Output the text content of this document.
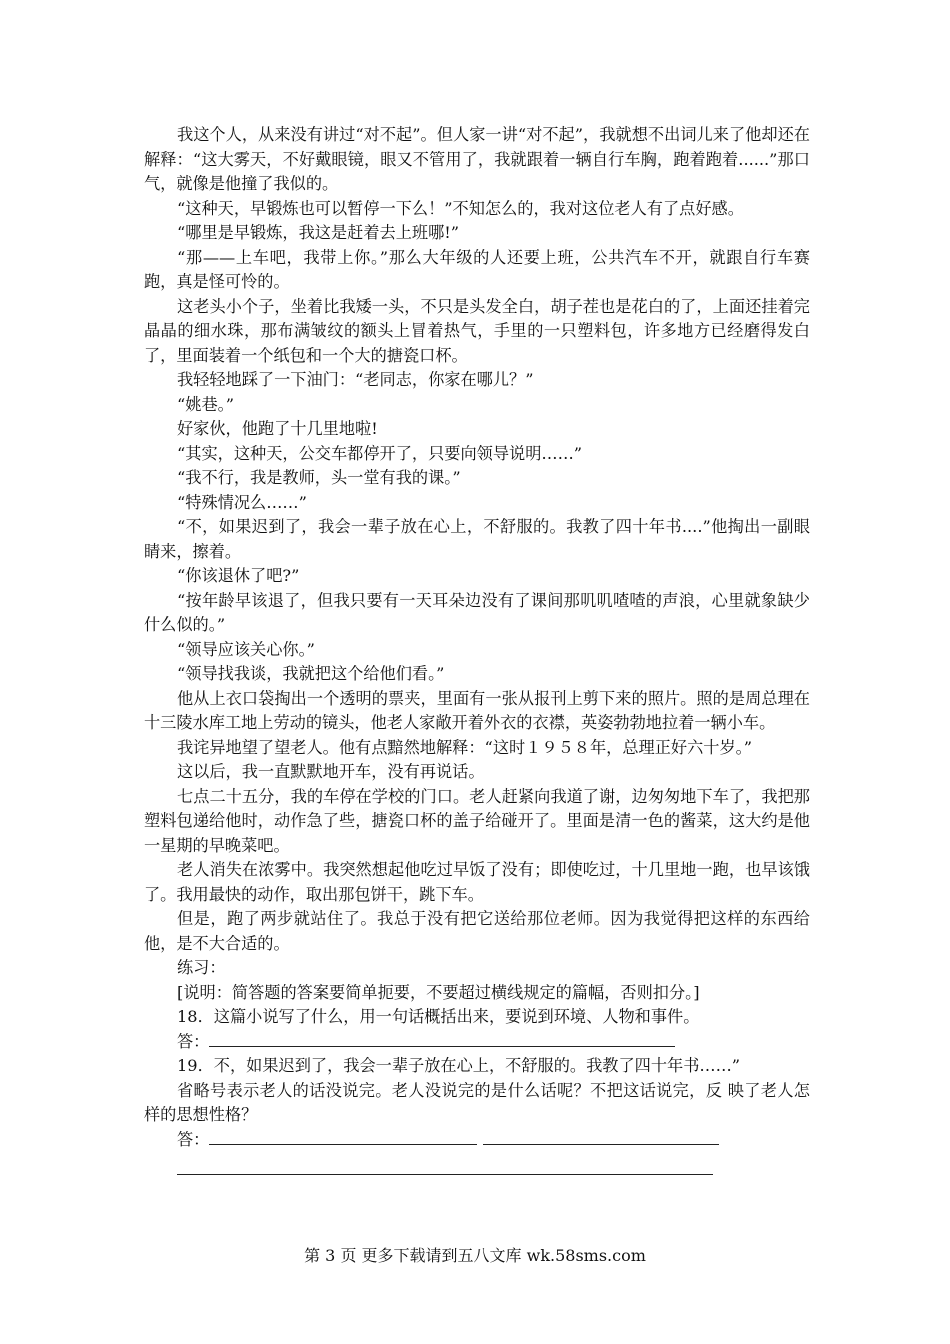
我这个人，从来没有讲过“对不起”。但人家一讲“对不起”，我就想不出词儿来了他却还在解释：“这大雾天，不好戴眼镜，眼又不管用了，我就跟着一辆自行车胸，跑着跑着......”那口气，就像是他撞了我似的。

“这种天，早锻炼也可以暂停一下么！”不知怎么的，我对这位老人有了点好感。

“哪里是早锻炼，我这是赶着去上班哪!”

“那——上车吧，我带上你。”那么大年级的人还要上班，公共汽车不开，就跟自行车赛跑，真是怪可怜的。

这老头小个子，坐着比我矮一头，不只是头发全白，胡子茬也是花白的了，上面还挂着完晶晶的细水珠，那布满皱纹的额头上冒着热气，手里的一只塑料包，许多地方已经磨得发白了，里面装着一个纸包和一个大的搪瓷口杯。

我轻轻地踩了一下油门：“老同志，你家在哪儿？”

“姚巷。”

好家伙，他跑了十几里地啦!

“其实，这种天，公交车都停开了，只要向领导说明……”

“我不行，我是教师，头一堂有我的课。”

“特殊情况么……”

“不，如果迟到了，我会一辈子放在心上，不舒服的。我教了四十年书....”他掏出一副眼睛来，擦着。

“你该退休了吧?”

“按年龄早该退了，但我只要有一天耳朵边没有了课间那叽叽喳喳的声浪，心里就象缺少什么似的。”

“领导应该关心你。”

“领导找我谈，我就把这个给他们看。”

他从上衣口袋掏出一个透明的票夹，里面有一张从报刊上剪下来的照片。照的是周总理在十三陵水库工地上劳动的镜头，他老人家敞开着外衣的衣襟，英姿勃勃地拉着一辆小车。

我诧异地望了望老人。他有点黯然地解释：“这时１９５８年，总理正好六十岁。”

这以后，我一直默默地开车，没有再说话。

七点二十五分，我的车停在学校的门口。老人赶紧向我道了谢，边匆匆地下车了，我把那塑料包递给他时，动作急了些，搪瓷口杯的盖子给碰开了。里面是清一色的酱菜，这大约是他一星期的早晚菜吧。

老人消失在浓雾中。我突然想起他吃过早饭了没有；即使吃过，十几里地一跑，也早该饿了。我用最快的动作，取出那包饼干，跳下车。

但是，跑了两步就站住了。我总于没有把它送给那位老师。因为我觉得把这样的东西给他，是不大合适的。

练习：

[说明：简答题的答案要简单扼要，不要超过横线规定的篇幅，否则扣分。]

18．这篇小说写了什么，用一句话概括出来，要说到环境、人物和事件。

答：

19．不，如果迟到了，我会一辈子放在心上，不舒服的。我教了四十年书……”

省略号表示老人的话没说完。老人没说完的是什么话呢？不把这话说完，反 映了老人怎样的思想性格？

答：

第 3 页 更多下载请到五八文库 wk.58sms.com
